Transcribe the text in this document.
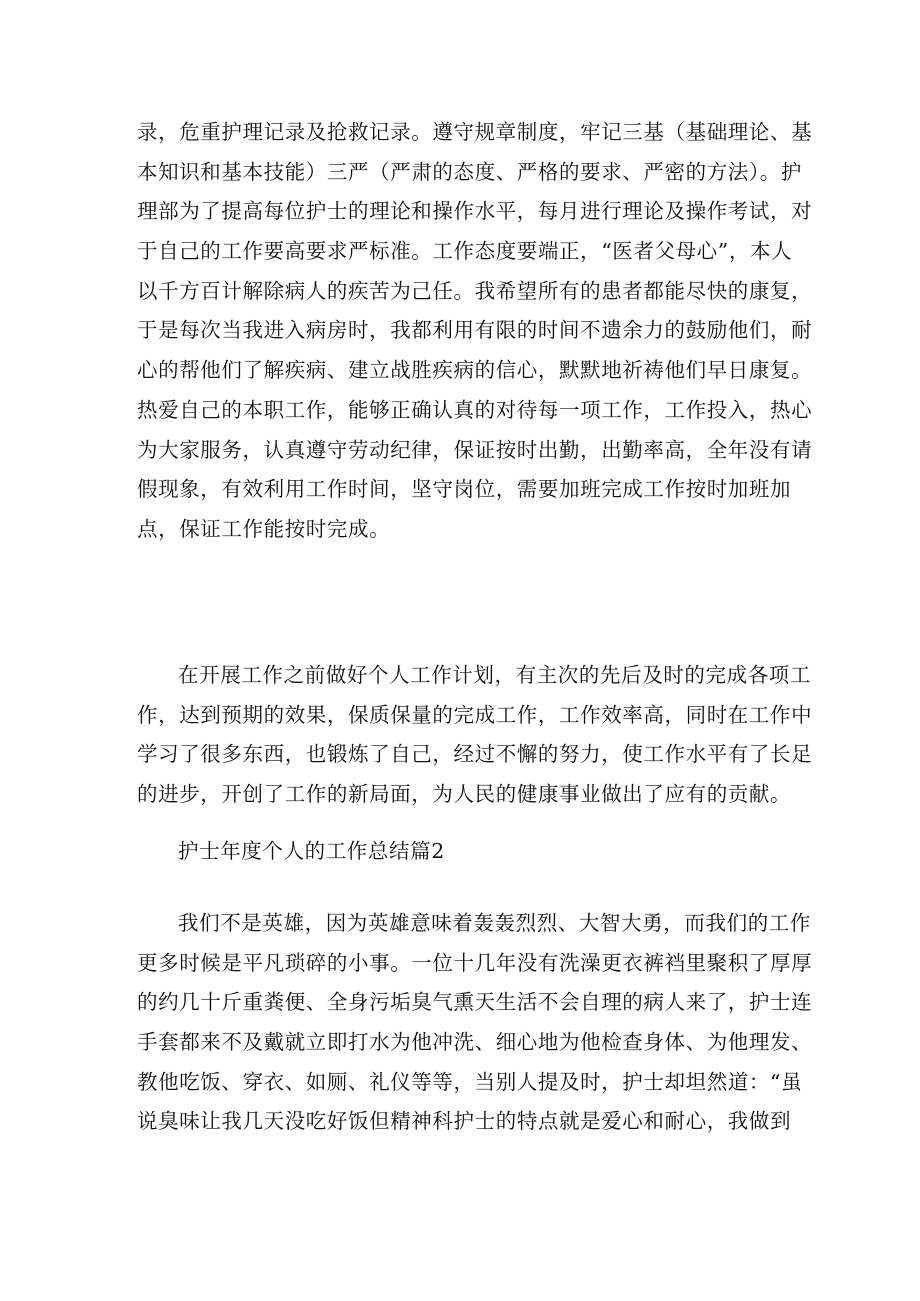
录，危重护理记录及抢救记录。遵守规章制度，牢记三基（基础理论、基
本知识和基本技能）三严（严肃的态度、严格的要求、严密的方法）。护
理部为了提高每位护士的理论和操作水平，每月进行理论及操作考试，对
于自己的工作要高要求严标准。工作态度要端正，“医者父母心”，本人
以千方百计解除病人的疾苦为己任。我希望所有的患者都能尽快的康复，
于是每次当我进入病房时，我都利用有限的时间不遗余力的鼓励他们，耐
心的帮他们了解疾病、建立战胜疾病的信心，默默地祈祷他们早日康复。
热爱自己的本职工作，能够正确认真的对待每一项工作，工作投入，热心
为大家服务，认真遵守劳动纪律，保证按时出勤，出勤率高，全年没有请
假现象，有效利用工作时间，坚守岗位，需要加班完成工作按时加班加
点，保证工作能按时完成。
在开展工作之前做好个人工作计划，有主次的先后及时的完成各项工
作，达到预期的效果，保质保量的完成工作，工作效率高，同时在工作中
学习了很多东西，也锻炼了自己，经过不懈的努力，使工作水平有了长足
的进步，开创了工作的新局面，为人民的健康事业做出了应有的贡献。
护士年度个人的工作总结篇2
我们不是英雄，因为英雄意味着轰轰烈烈、大智大勇，而我们的工作
更多时候是平凡琐碎的小事。一位十几年没有洗澡更衣裤裆里聚积了厚厚
的约几十斤重粪便、全身污垢臭气熏天生活不会自理的病人来了，护士连
手套都来不及戴就立即打水为他冲洗、细心地为他检查身体、为他理发、
教他吃饭、穿衣、如厕、礼仪等等，当别人提及时，护士却坦然道：“虽
说臭味让我几天没吃好饭但精神科护士的特点就是爱心和耐心，我做到
